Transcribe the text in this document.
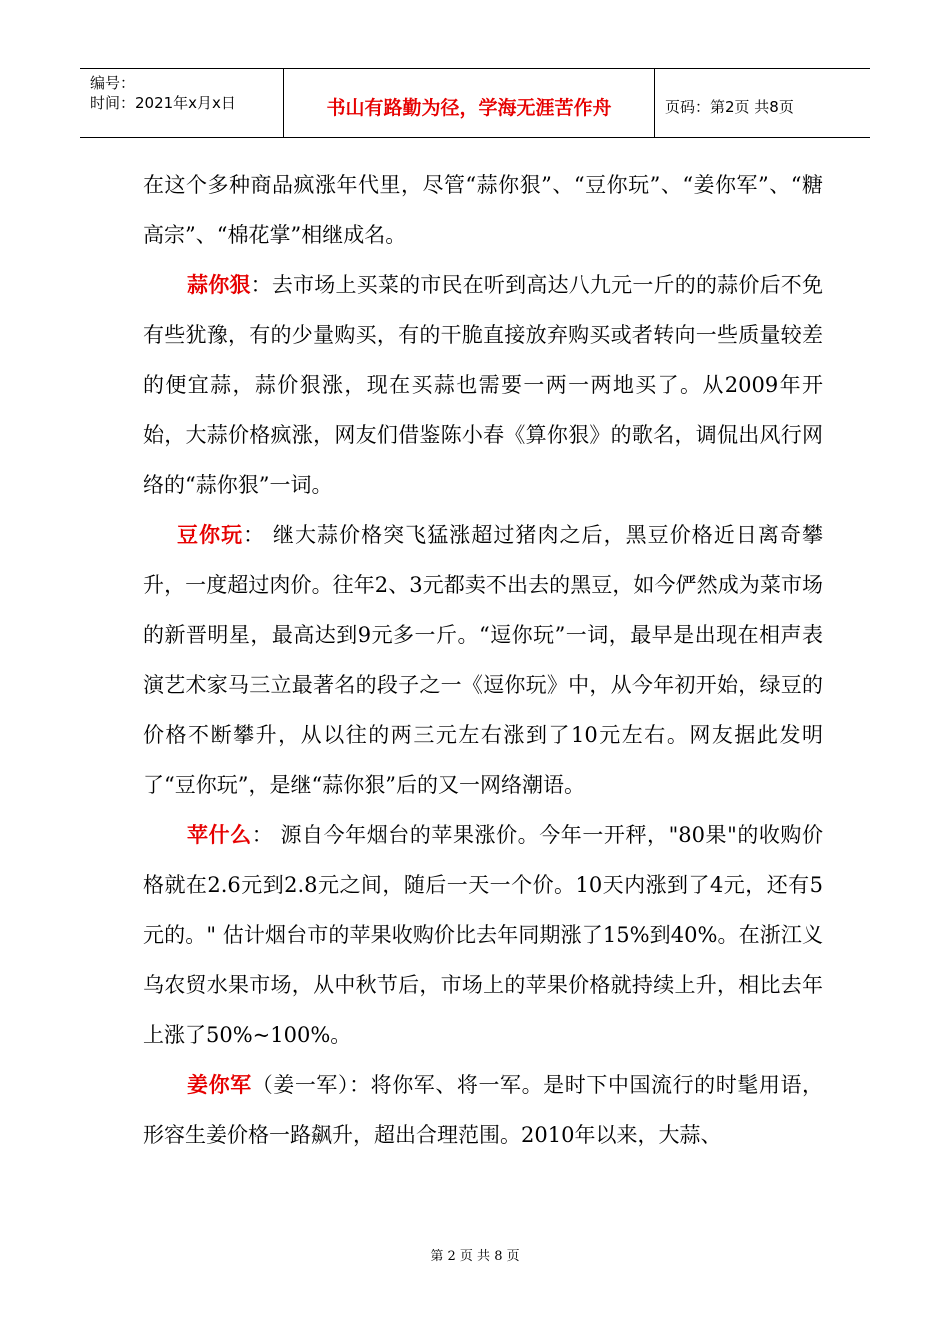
编号：
时间：2021年x月x日	书山有路勤为径，学海无涯苦作舟	页码：第2页 共8页

在这个多种商品疯涨年代里，尽管“蒜你狠”、“豆你玩”、“姜你军”、“糖高宗”、“棉花掌”相继成名。

蒜你狠：去市场上买菜的市民在听到高达八九元一斤的的蒜价后不免有些犹豫，有的少量购买，有的干脆直接放弃购买或者转向一些质量较差的便宜蒜，蒜价狠涨，现在买蒜也需要一两一两地买了。从2009年开始，大蒜价格疯涨，网友们借鉴陈小春《算你狠》的歌名，调侃出风行网络的“蒜你狠”一词。

豆你玩： 继大蒜价格突飞猛涨超过猪肉之后，黑豆价格近日离奇攀升，一度超过肉价。往年2、3元都卖不出去的黑豆，如今俨然成为菜市场的新晋明星，最高达到9元多一斤。“逗你玩”一词，最早是出现在相声表演艺术家马三立最著名的段子之一《逗你玩》中，从今年初开始，绿豆的价格不断攀升，从以往的两三元左右涨到了10元左右。网友据此发明了“豆你玩”，是继“蒜你狠”后的又一网络潮语。

苹什么： 源自今年烟台的苹果涨价。今年一开秤，"80果"的收购价格就在2.6元到2.8元之间，随后一天一个价。10天内涨到了4元，还有5元的。" 估计烟台市的苹果收购价比去年同期涨了15%到40%。在浙江义乌农贸水果市场，从中秋节后，市场上的苹果价格就持续上升，相比去年上涨了50%~100%。

姜你军（姜一军）：将你军、将一军。是时下中国流行的时髦用语，形容生姜价格一路飙升，超出合理范围。2010年以来，大蒜、

第 2 页 共 8 页
